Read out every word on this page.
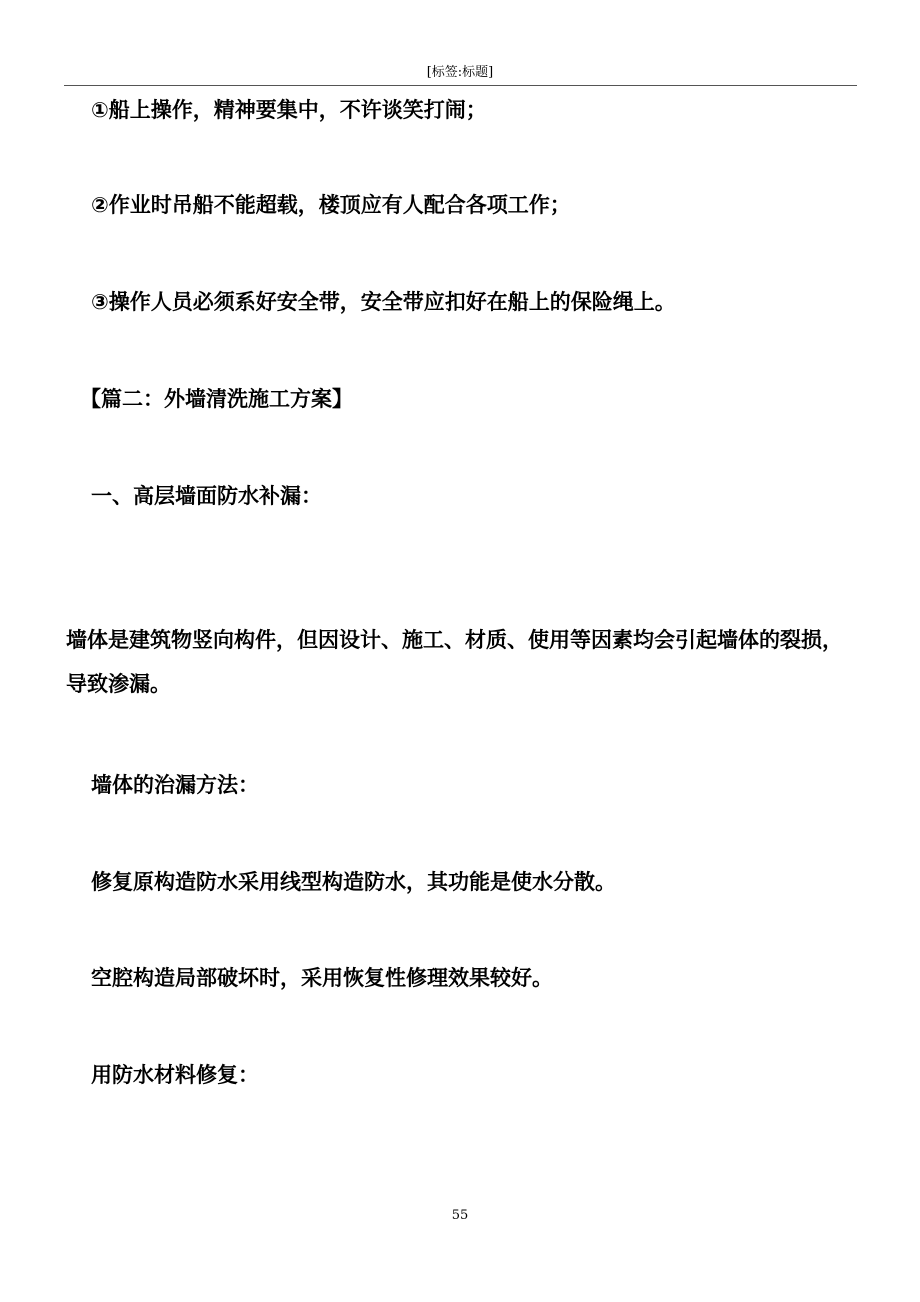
[标签:标题]
①船上操作，精神要集中，不许谈笑打闹；
②作业时吊船不能超载，楼顶应有人配合各项工作；
③操作人员必须系好安全带，安全带应扣好在船上的保险绳上。
【篇二：外墙清洗施工方案】
一、高层墙面防水补漏：
墙体是建筑物竖向构件，但因设计、施工、材质、使用等因素均会引起墙体的裂损，导致渗漏。
墙体的治漏方法：
修复原构造防水采用线型构造防水，其功能是使水分散。
空腔构造局部破坏时，采用恢复性修理效果较好。
用防水材料修复：
55
